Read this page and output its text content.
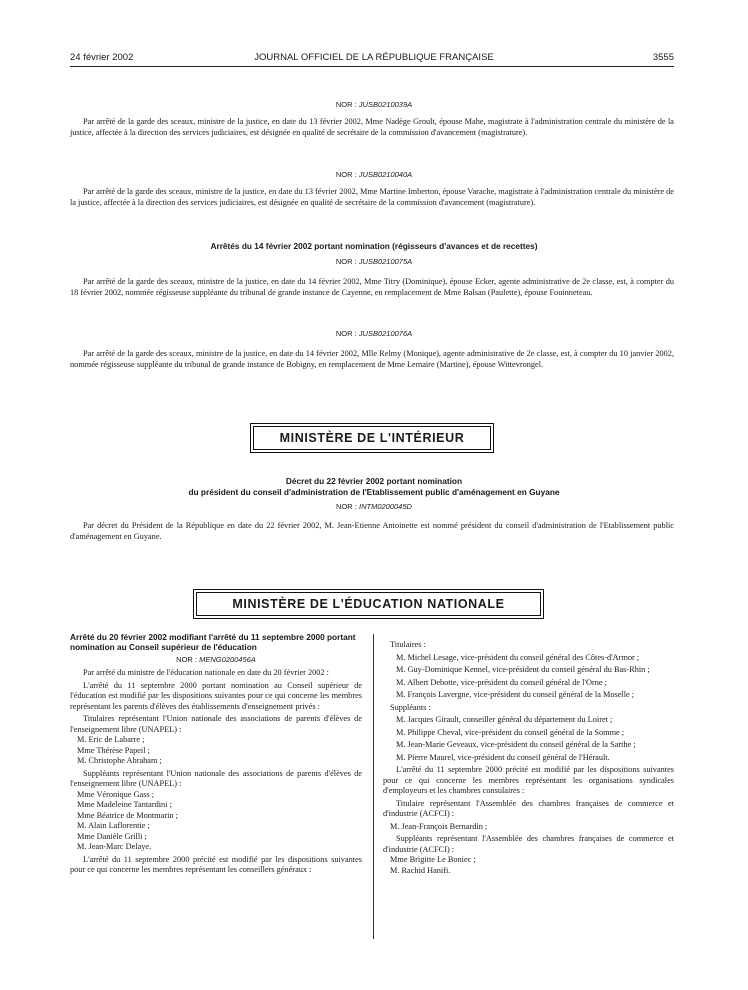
24 février 2002	JOURNAL OFFICIEL DE LA RÉPUBLIQUE FRANÇAISE	3555
NOR : JUSB0210039A
Par arrêté de la garde des sceaux, ministre de la justice, en date du 13 février 2002, Mme Nadège Groult, épouse Mahe, magistrate à l'administration centrale du ministère de la justice, affectée à la direction des services judiciaires, est désignée en qualité de secrétaire de la commission d'avancement (magistrature).
NOR : JUSB0210040A
Par arrêté de la garde des sceaux, ministre de la justice, en date du 13 février 2002, Mme Martine Imberton, épouse Varache, magistrate à l'administration centrale du ministère de la justice, affectée à la direction des services judiciaires, est désignée en qualité de secrétaire de la commission d'avancement (magistrature).
Arrêtés du 14 février 2002 portant nomination (régisseurs d'avances et de recettes)
NOR : JUSB0210075A
Par arrêté de la garde des sceaux, ministre de la justice, en date du 14 février 2002, Mme Titry (Dominique), épouse Ecker, agente administrative de 2e classe, est, à compter du 18 février 2002, nommée régisseuse suppléante du tribunal de grande instance de Cayenne, en remplacement de Mme Balsan (Paulette), épouse Fouinneteau.
NOR : JUSB0210076A
Par arrêté de la garde des sceaux, ministre de la justice, en date du 14 février 2002, Mlle Relmy (Monique), agente administrative de 2e classe, est, à compter du 10 janvier 2002, nommée régisseuse suppléante du tribunal de grande instance de Bobigny, en remplacement de Mme Lemaire (Martine), épouse Wittevrongel.
MINISTÈRE DE L'INTÉRIEUR
Décret du 22 février 2002 portant nomination
du président du conseil d'administration de l'Etablissement public d'aménagement en Guyane
NOR : INTM0200045D
Par décret du Président de la République en date du 22 février 2002, M. Jean-Etienne Antoinette est nommé président du conseil d'administration de l'Etablissement public d'aménagement en Guyane.
MINISTÈRE DE L'ÉDUCATION NATIONALE
Arrêté du 20 février 2002 modifiant l'arrêté du 11 septembre 2000 portant nomination au Conseil supérieur de l'éducation
NOR : MENG0200456A

Par arrêté du ministre de l'éducation nationale en date du 20 février 2002 :

L'arrêté du 11 septembre 2000 portant nomination au Conseil supérieur de l'éducation est modifié par les dispositions suivantes pour ce qui concerne les membres représentant les parents d'élèves des établissements d'enseignement privés :

Titulaires représentant l'Union nationale des associations de parents d'élèves de l'enseignement libre (UNAPEL) :

M. Eric de Labarre ;

Mme Thérèse Papeil ;

M. Christophe Abraham ;

Suppléants représentant l'Union nationale des associations de parents d'élèves de l'enseignement libre (UNAPEL) :

Mme Véronique Gass ;

Mme Madeleine Tantardini ;

Mme Béatrice de Montmarin ;

M. Alain Laflorentie ;

Mme Danièle Grilli ;

M. Jean-Marc Delaye.

L'arrêté du 11 septembre 2000 précité est modifié par les dispositions suivantes pour ce qui concerne les membres représentant les conseillers généraux :

Titulaires :

M. Michel Lesage, vice-président du conseil général des Côtes-d'Armor ;

M. Guy-Dominique Kennel, vice-président du conseil général du Bas-Rhin ;

M. Albert Debotte, vice-président du conseil général de l'Orne ;

M. François Lavergne, vice-président du conseil général de la Moselle ;

Suppléants :

M. Jacques Girault, conseiller général du département du Loiret ;

M. Philippe Cheval, vice-président du conseil général de la Somme ;

M. Jean-Marie Geveaux, vice-président du conseil général de la Sarthe ;

M. Pierre Maurel, vice-président du conseil général de l'Hérault.

L'arrêté du 11 septembre 2000 précité est modifié par les dispositions suivantes pour ce qui concerne les membres représentant les organisations syndicales d'employeurs et les chambres consulaires :

Titulaire représentant l'Assemblée des chambres françaises de commerce et d'industrie (ACFCI) :

M. Jean-François Bernardin ;

Suppléants représentant l'Assemblée des chambres françaises de commerce et d'industrie (ACFCI) :

Mme Brigitte Le Boniec ;

M. Rachid Hanifi.
